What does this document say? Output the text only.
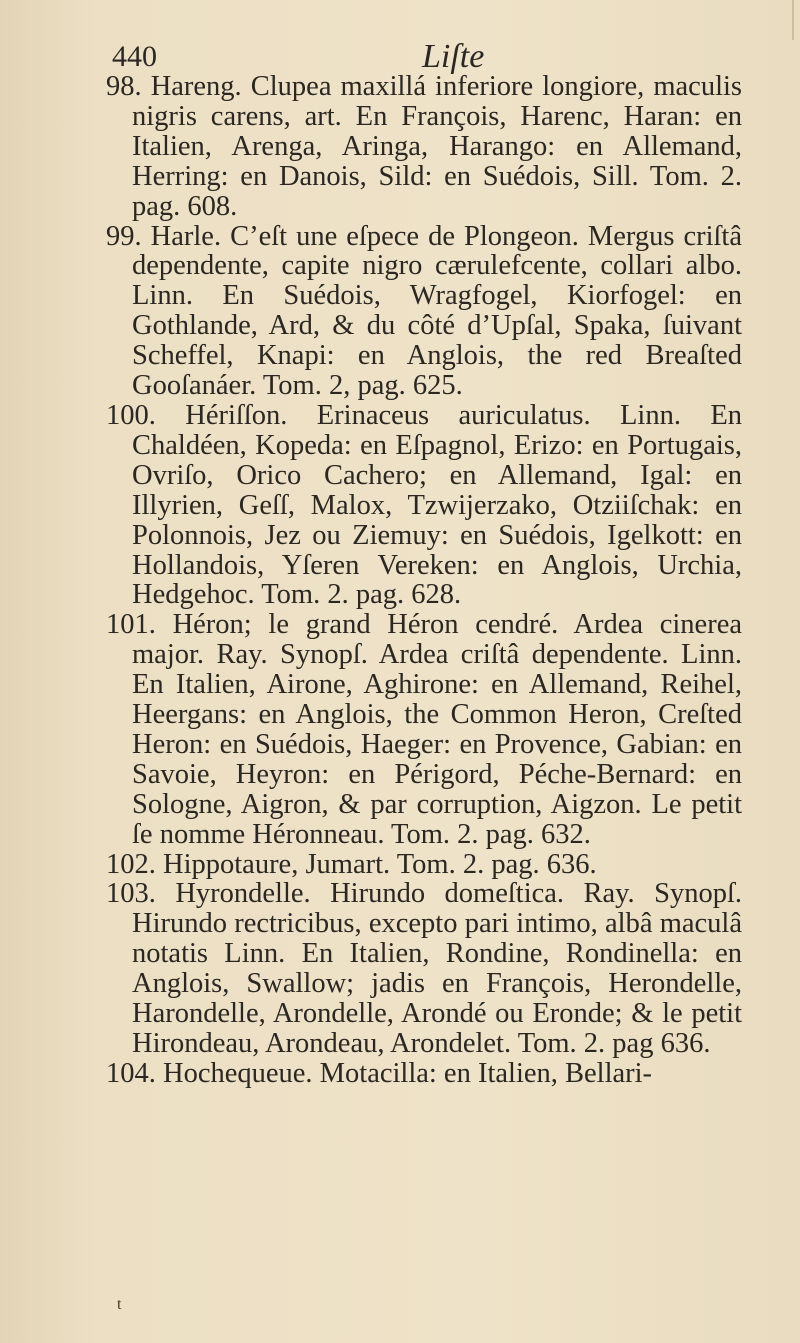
440	Liſte

98. Hareng. Clupea maxillá inferiore longiore, maculis nigris carens, art. En François, Harenc, Haran: en Italien, Arenga, Aringa, Harango: en Allemand, Herring: en Danois, Sild: en Suédois, Sill. Tom. 2. pag. 608.

99. Harle. C’eſt une eſpece de Plongeon. Mergus criſtâ dependente, capite nigro cærulefcente, collari albo. Linn. En Suédois, Wragfogel, Kiorfogel: en Gothlande, Ard, & du côté d’Upſal, Spaka, ſuivant Scheffel, Knapi: en Anglois, the red Breaſted Gooſanáer. Tom. 2, pag. 625.

100. Hériſſon. Erinaceus auriculatus. Linn. En Chaldéen, Kopeda: en Eſpagnol, Erizo: en Portugais, Ovriſo, Orico Cachero; en Allemand, Igal: en Illyrien, Geſſ, Malox, Tzwijerzako, Otziiſchak: en Polonnois, Jez ou Ziemuy: en Suédois, Igelkott: en Hollandois, Yſeren Vereken: en Anglois, Urchia, Hedgehoc. Tom. 2. pag. 628.

101. Héron; le grand Héron cendré. Ardea cinerea major. Ray. Synopſ. Ardea criſtâ dependente. Linn. En Italien, Airone, Aghirone: en Allemand, Reihel, Heergans: en Anglois, the Common Heron, Creſted Heron: en Suédois, Haeger: en Provence, Gabian: en Savoie, Heyron: en Périgord, Péche-Bernard: en Sologne, Aigron, & par corruption, Aigzon. Le petit ſe nomme Héronneau. Tom. 2. pag. 632.

102. Hippotaure, Jumart. Tom. 2. pag. 636.

103. Hyrondelle. Hirundo domeſtica. Ray. Synopſ. Hirundo rectricibus, excepto pari intimo, albâ maculâ notatis Linn. En Italien, Rondine, Rondinella: en Anglois, Swallow; jadis en François, Herondelle, Harondelle, Arondelle, Arondé ou Eronde; & le petit Hirondeau, Arondeau, Arondelet. Tom. 2. pag 636.

104. Hochequeue. Motacilla: en Italien, Bellari-

t
